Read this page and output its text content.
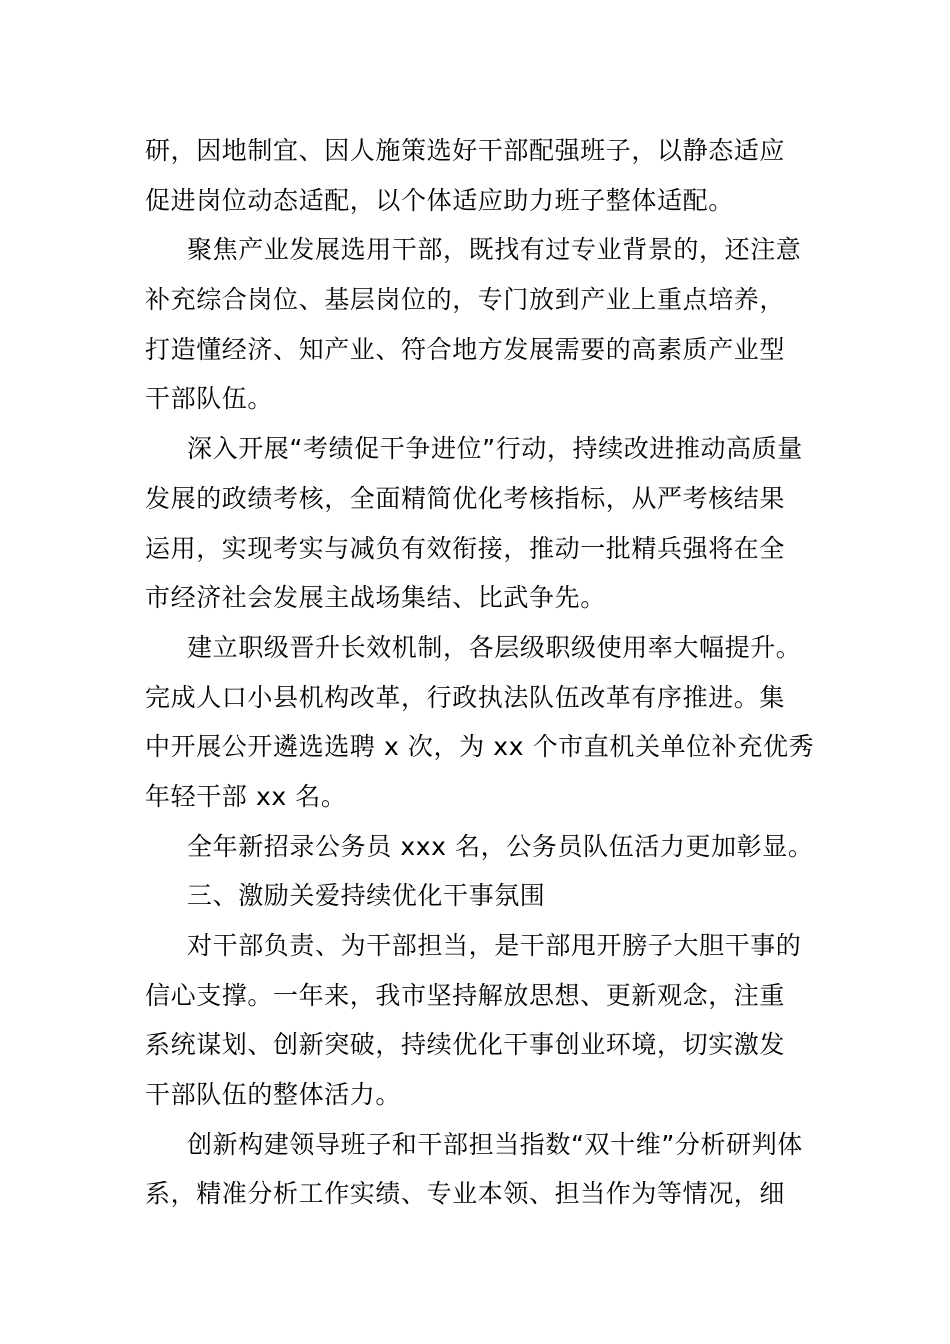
研，因地制宜、因人施策选好干部配强班子，以静态适应
促进岗位动态适配，以个体适应助力班子整体适配。
聚焦产业发展选用干部，既找有过专业背景的，还注意
补充综合岗位、基层岗位的，专门放到产业上重点培养，
打造懂经济、知产业、符合地方发展需要的高素质产业型
干部队伍。
深入开展“考绩促干争进位”行动，持续改进推动高质量
发展的政绩考核，全面精简优化考核指标，从严考核结果
运用，实现考实与减负有效衔接，推动一批精兵强将在全
市经济社会发展主战场集结、比武争先。
建立职级晋升长效机制，各层级职级使用率大幅提升。
完成人口小县机构改革，行政执法队伍改革有序推进。集
中开展公开遴选选聘 x 次，为 xx 个市直机关单位补充优秀
年轻干部 xx 名。
全年新招录公务员 xxx 名，公务员队伍活力更加彰显。
三、激励关爱持续优化干事氛围
对干部负责、为干部担当，是干部甩开膀子大胆干事的
信心支撑。一年来，我市坚持解放思想、更新观念，注重
系统谋划、创新突破，持续优化干事创业环境，切实激发
干部队伍的整体活力。
创新构建领导班子和干部担当指数“双十维”分析研判体
系，精准分析工作实绩、专业本领、担当作为等情况，细
